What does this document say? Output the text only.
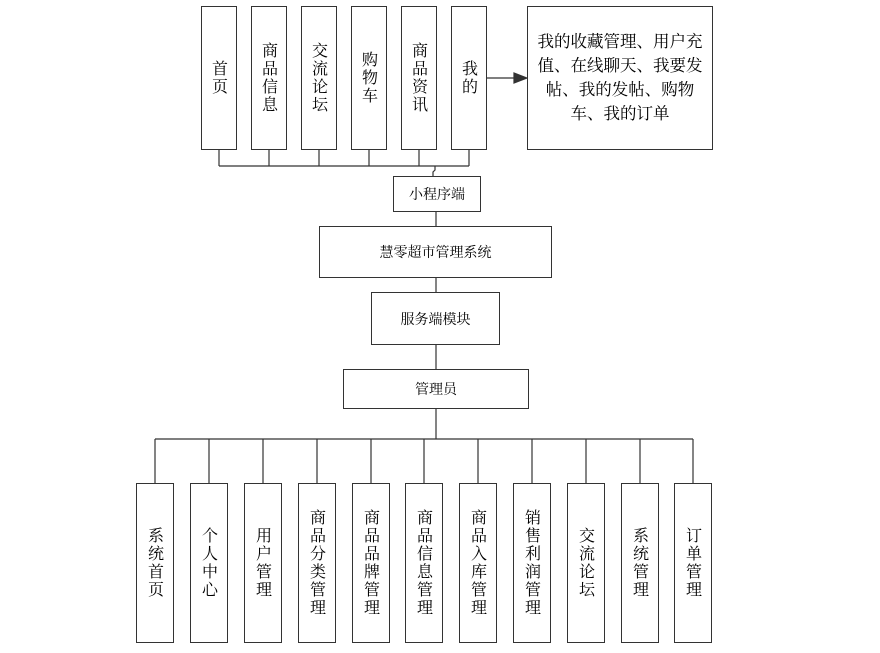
首页 商品信息 交流论坛 购物车 商品资讯 我的
我的收藏管理、用户充值、在线聊天、我要发帖、我的发帖、购物车、我的订单
小程序端
慧零超市管理系统
服务端模块
管理员
系统首页 个人中心 用户管理 商品分类管理 商品品牌管理 商品信息管理 商品入库管理 销售利润管理 交流论坛 系统管理 订单管理
